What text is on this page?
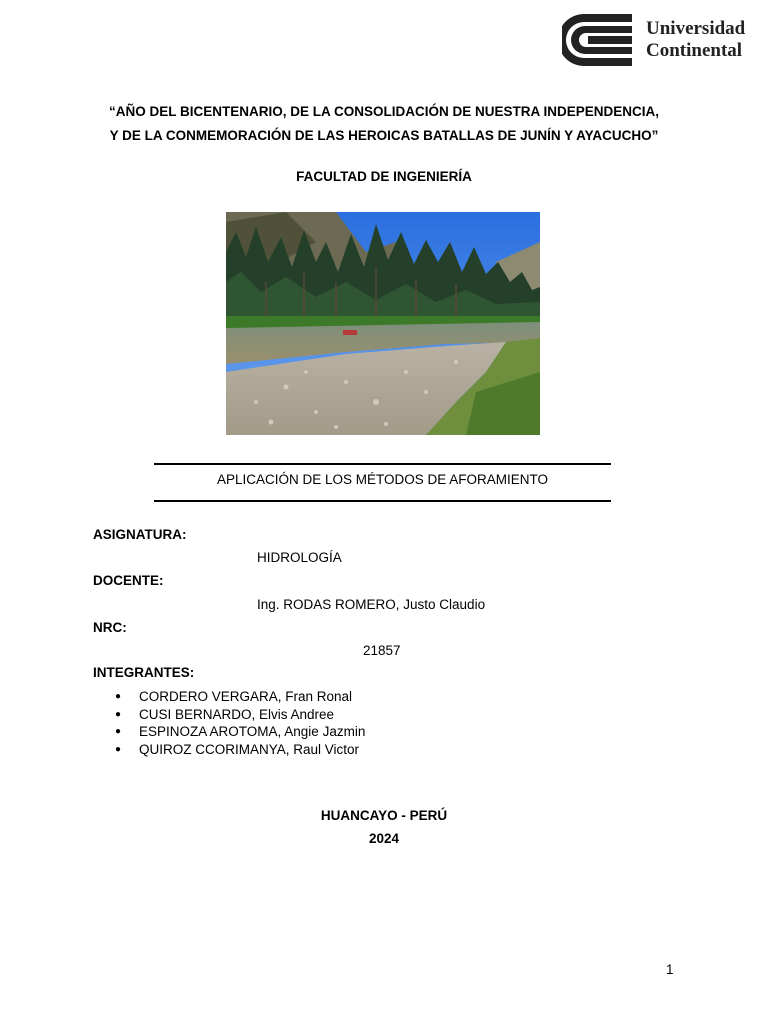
Universidad
Continental
“AÑO DEL BICENTENARIO, DE LA CONSOLIDACIÓN DE NUESTRA INDEPENDENCIA,
Y DE LA CONMEMORACIÓN DE LAS HEROICAS BATALLAS DE JUNÍN Y AYACUCHO”
FACULTAD DE INGENIERÍA
APLICACIÓN DE LOS MÉTODOS DE AFORAMIENTO
ASIGNATURA:
HIDROLOGÍA
DOCENTE:
Ing. RODAS ROMERO, Justo Claudio
NRC:
21857
INTEGRANTES:
● CORDERO VERGARA, Fran Ronal
● CUSI BERNARDO, Elvis Andree
● ESPINOZA AROTOMA, Angie Jazmin
● QUIROZ CCORIMANYA, Raul Victor
HUANCAYO - PERÚ
2024
1
